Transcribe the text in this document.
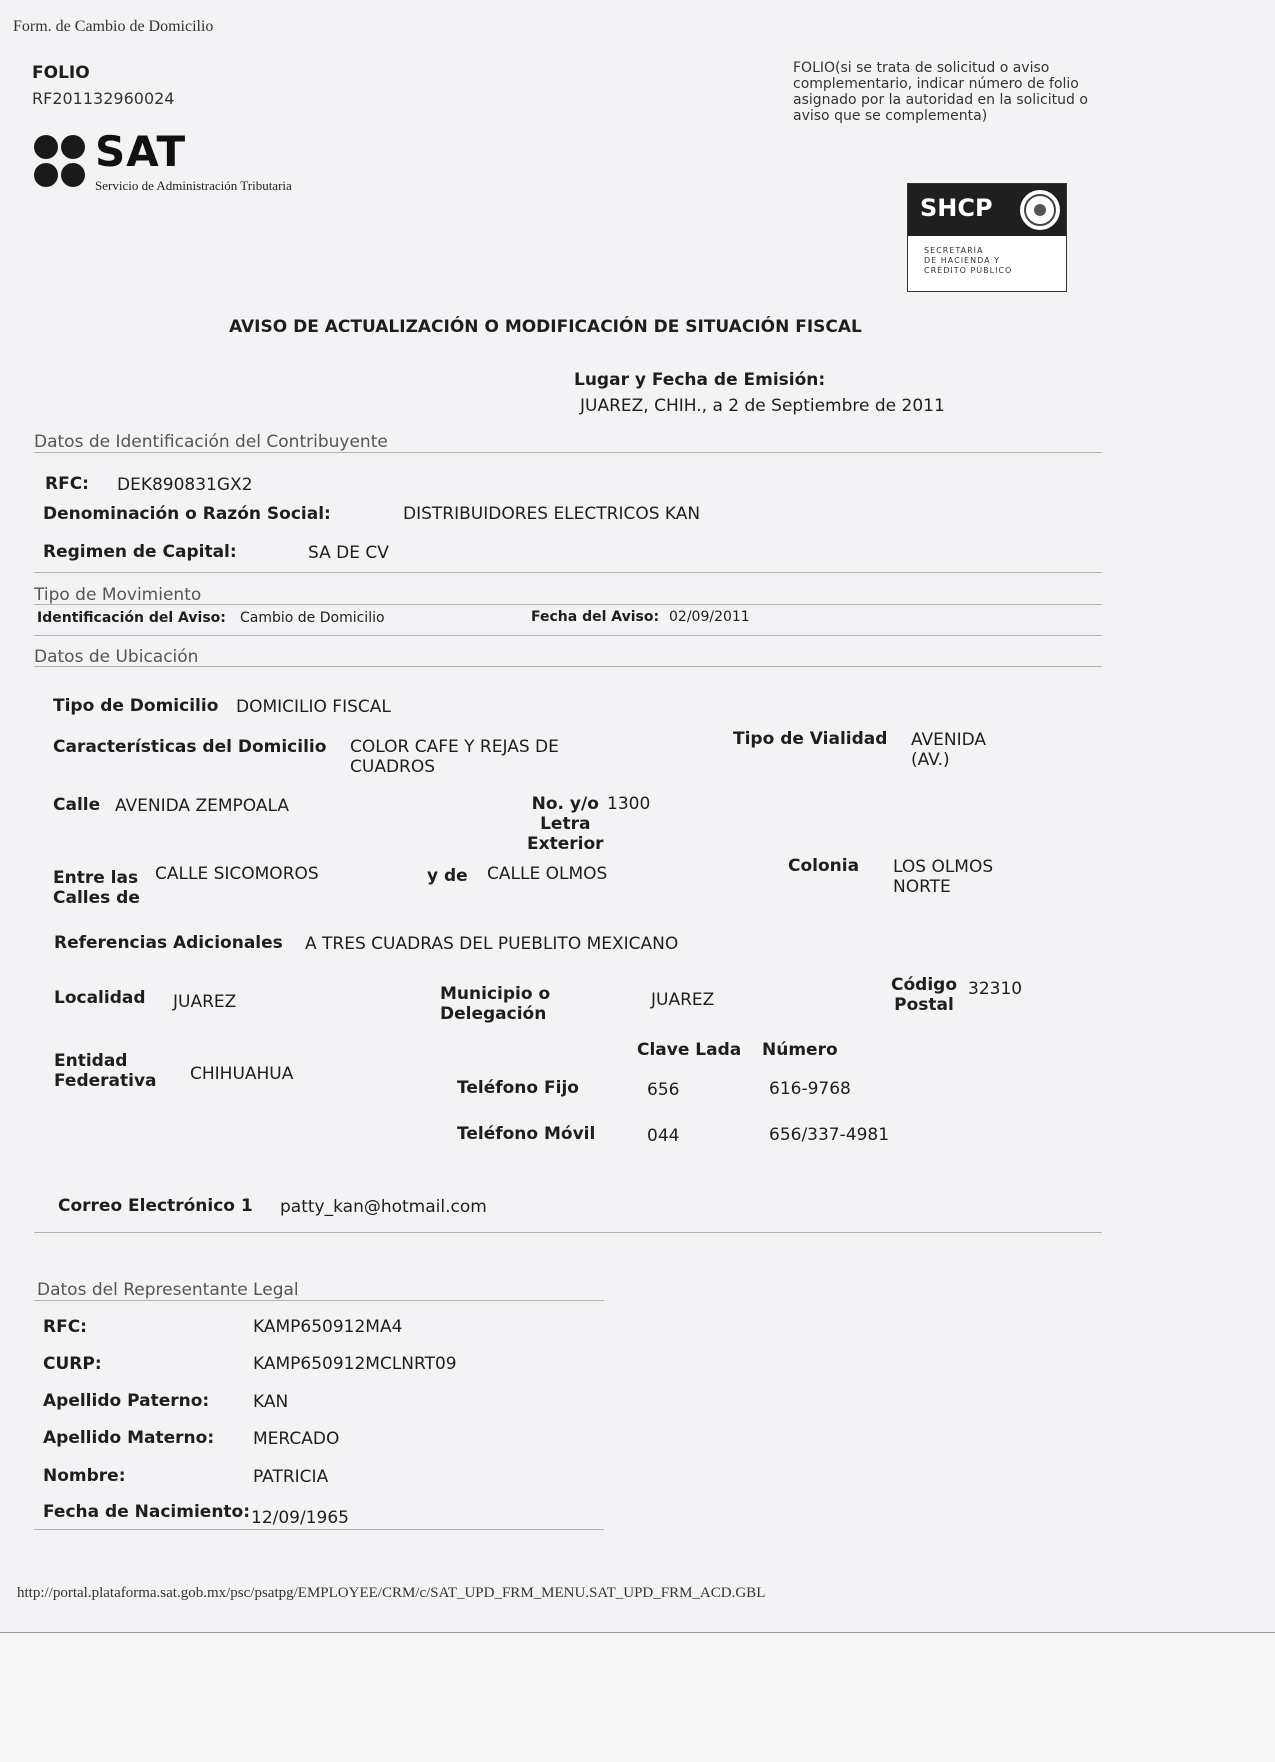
Form. de Cambio de Domicilio
FOLIO
RF201132960024
FOLIO(si se trata de solicitud o aviso
complementario, indicar número de folio
asignado por la autoridad en la solicitud o
aviso que se complementa)
SAT
Servicio de Administración Tributaria
SHCP
SECRETARÍA
DE HACIENDA Y
CRÉDITO PÚBLICO
AVISO DE ACTUALIZACIÓN O MODIFICACIÓN DE SITUACIÓN FISCAL
Lugar y Fecha de Emisión:
JUAREZ, CHIH., a 2 de Septiembre de 2011
Datos de Identificación del Contribuyente
RFC: DEK890831GX2
Denominación o Razón Social:	DISTRIBUIDORES ELECTRICOS KAN
Regimen de Capital:	SA DE CV
Tipo de Movimiento
Identificación del Aviso: Cambio de Domicilio	Fecha del Aviso: 02/09/2011
Datos de Ubicación
Tipo de Domicilio DOMICILIO FISCAL
Características del Domicilio COLOR CAFE Y REJAS DE
CUADROS
Tipo de Vialidad AVENIDA
(AV.)
Calle AVENIDA ZEMPOALA	No. y/o
Letra
Exterior
1300
Entre las
Calles de
CALLE SICOMOROS	y de CALLE OLMOS	Colonia LOS OLMOS
NORTE
Referencias Adicionales A TRES CUADRAS DEL PUEBLITO MEXICANO
Localidad JUAREZ	Municipio o
Delegación
JUAREZ
Código
Postal
32310
Entidad
Federativa CHIHUAHUA
Clave Lada Número
Teléfono Fijo	656	616-9768
Teléfono Móvil	044	656/337-4981
Correo Electrónico 1 patty_kan@hotmail.com
Datos del Representante Legal
RFC:	KAMP650912MA4
CURP:	KAMP650912MCLNRT09
Apellido Paterno:	KAN
Apellido Materno: MERCADO
Nombre:	PATRICIA
Fecha de Nacimiento: 12/09/1965
http://portal.plataforma.sat.gob.mx/psc/psatpg/EMPLOYEE/CRM/c/SAT_UPD_FRM_MENU.SAT_UPD_FRM_ACD.GBL
